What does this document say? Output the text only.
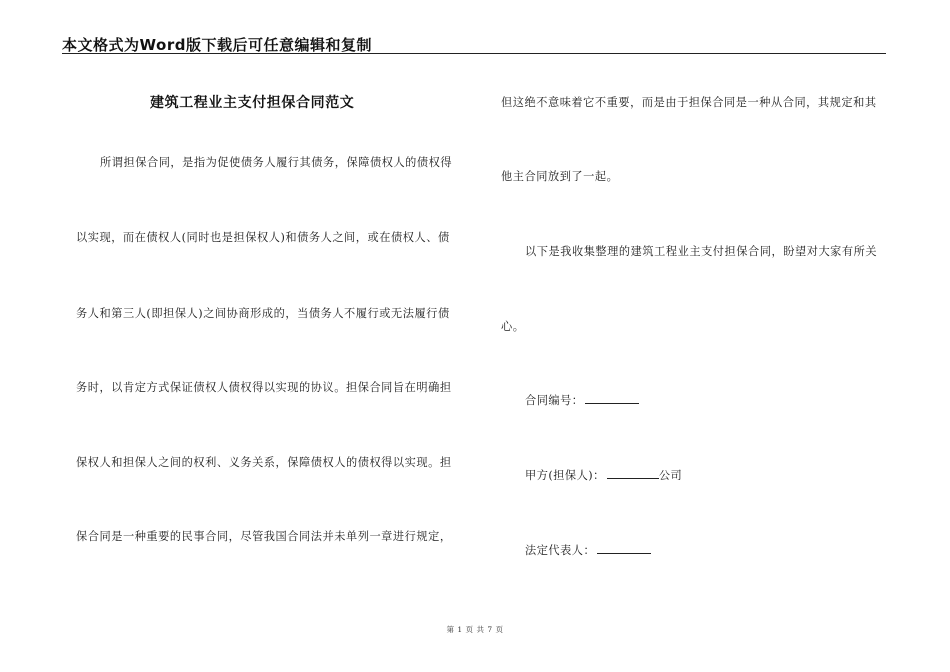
本文格式为Word版下载后可任意编辑和复制
建筑工程业主支付担保合同范文
所谓担保合同，是指为促使债务人履行其债务，保障债权人的债权得
以实现，而在债权人(同时也是担保权人)和债务人之间，或在债权人、债
务人和第三人(即担保人)之间协商形成的，当债务人不履行或无法履行债
务时，以肯定方式保证债权人债权得以实现的协议。担保合同旨在明确担
保权人和担保人之间的权利、义务关系，保障债权人的债权得以实现。担
保合同是一种重要的民事合同，尽管我国合同法并未单列一章进行规定，
但这绝不意味着它不重要，而是由于担保合同是一种从合同，其规定和其
他主合同放到了一起。
以下是我收集整理的建筑工程业主支付担保合同，盼望对大家有所关
心。
合同编号：
甲方(担保人)：	公司
法定代表人：
第 1 页 共 7 页
